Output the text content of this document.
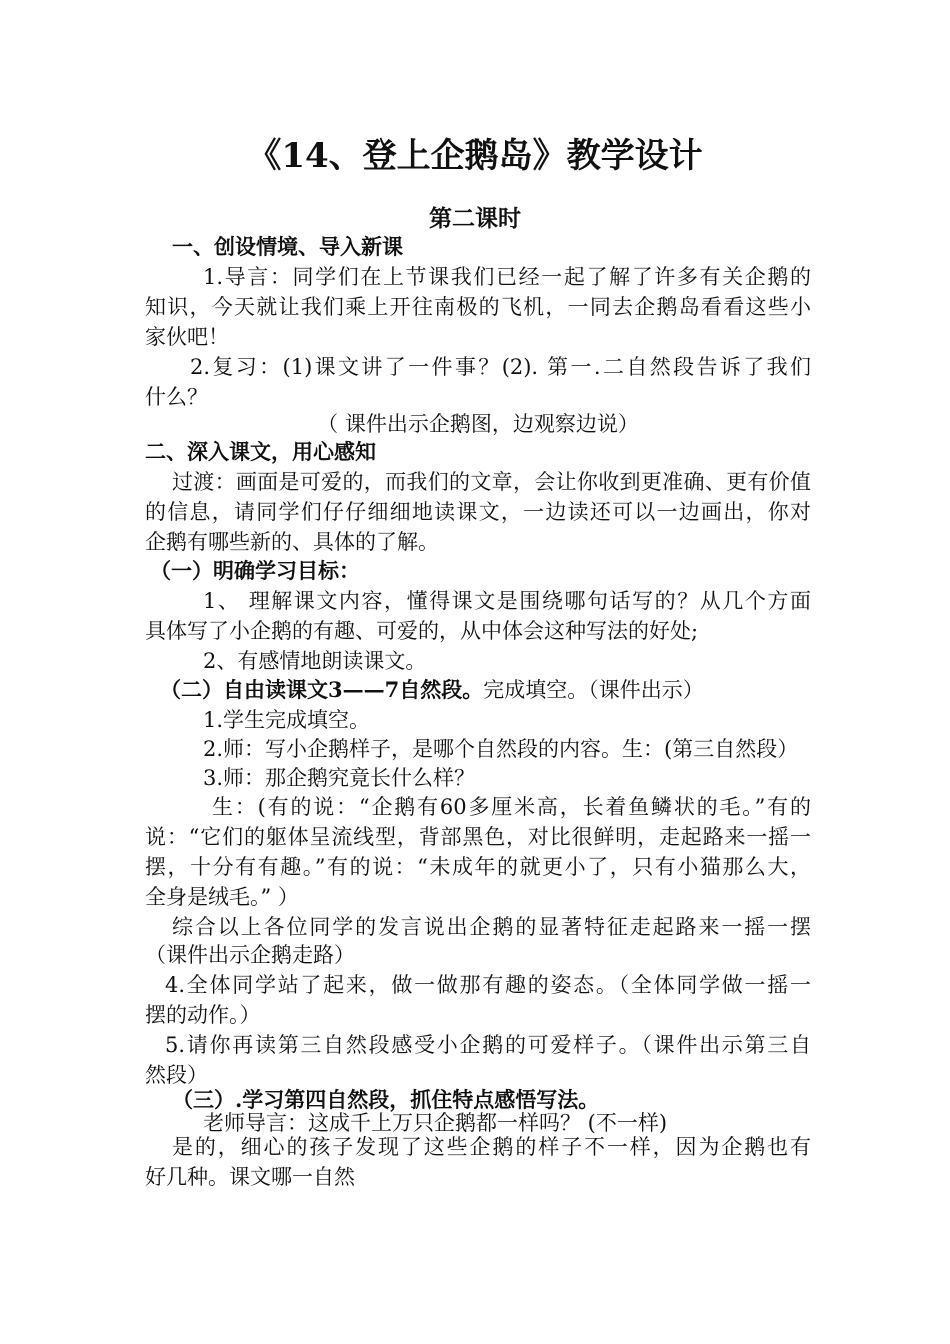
《14、登上企鹅岛》教学设计
第二课时
一、创设情境、导入新课
1.导言：同学们在上节课我们已经一起了解了许多有关企鹅的
知识，今天就让我们乘上开往南极的飞机，一同去企鹅岛看看这些小
家伙吧！
2.复习：(1)课文讲了一件事？(2). 第一.二自然段告诉了我们
什么？
（ 课件出示企鹅图，边观察边说）
二、深入课文，用心感知
过渡：画面是可爱的，而我们的文章，会让你收到更准确、更有价值
的信息，请同学们仔仔细细地读课文，一边读还可以一边画出，你对
企鹅有哪些新的、具体的了解。
（一）明确学习目标：
1、 理解课文内容，懂得课文是围绕哪句话写的？从几个方面
具体写了小企鹅的有趣、可爱的，从中体会这种写法的好处;
2、有感情地朗读课文。
（二）自由读课文3——7自然段。完成填空。（课件出示）
1.学生完成填空。
2.师：写小企鹅样子，是哪个自然段的内容。生：(第三自然段）
3.师：那企鹅究竟长什么样？
生：(有的说：“企鹅有60多厘米高，长着鱼鳞状的毛。”有的
说：“它们的躯体呈流线型，背部黑色，对比很鲜明，走起路来一摇一
摆，十分有有趣。”有的说：“未成年的就更小了，只有小猫那么大，
全身是绒毛。” ）
综合以上各位同学的发言说出企鹅的显著特征走起路来一摇一摆
（课件出示企鹅走路）
4.全体同学站了起来，做一做那有趣的姿态。（全体同学做一摇一
摆的动作。）
5.请你再读第三自然段感受小企鹅的可爱样子。（课件出示第三自
然段）
（三）.学习第四自然段，抓住特点感悟写法。
老师导言：这成千上万只企鹅都一样吗？ (不一样)
是的，细心的孩子发现了这些企鹅的样子不一样，因为企鹅也有
好几种。课文哪一自然
